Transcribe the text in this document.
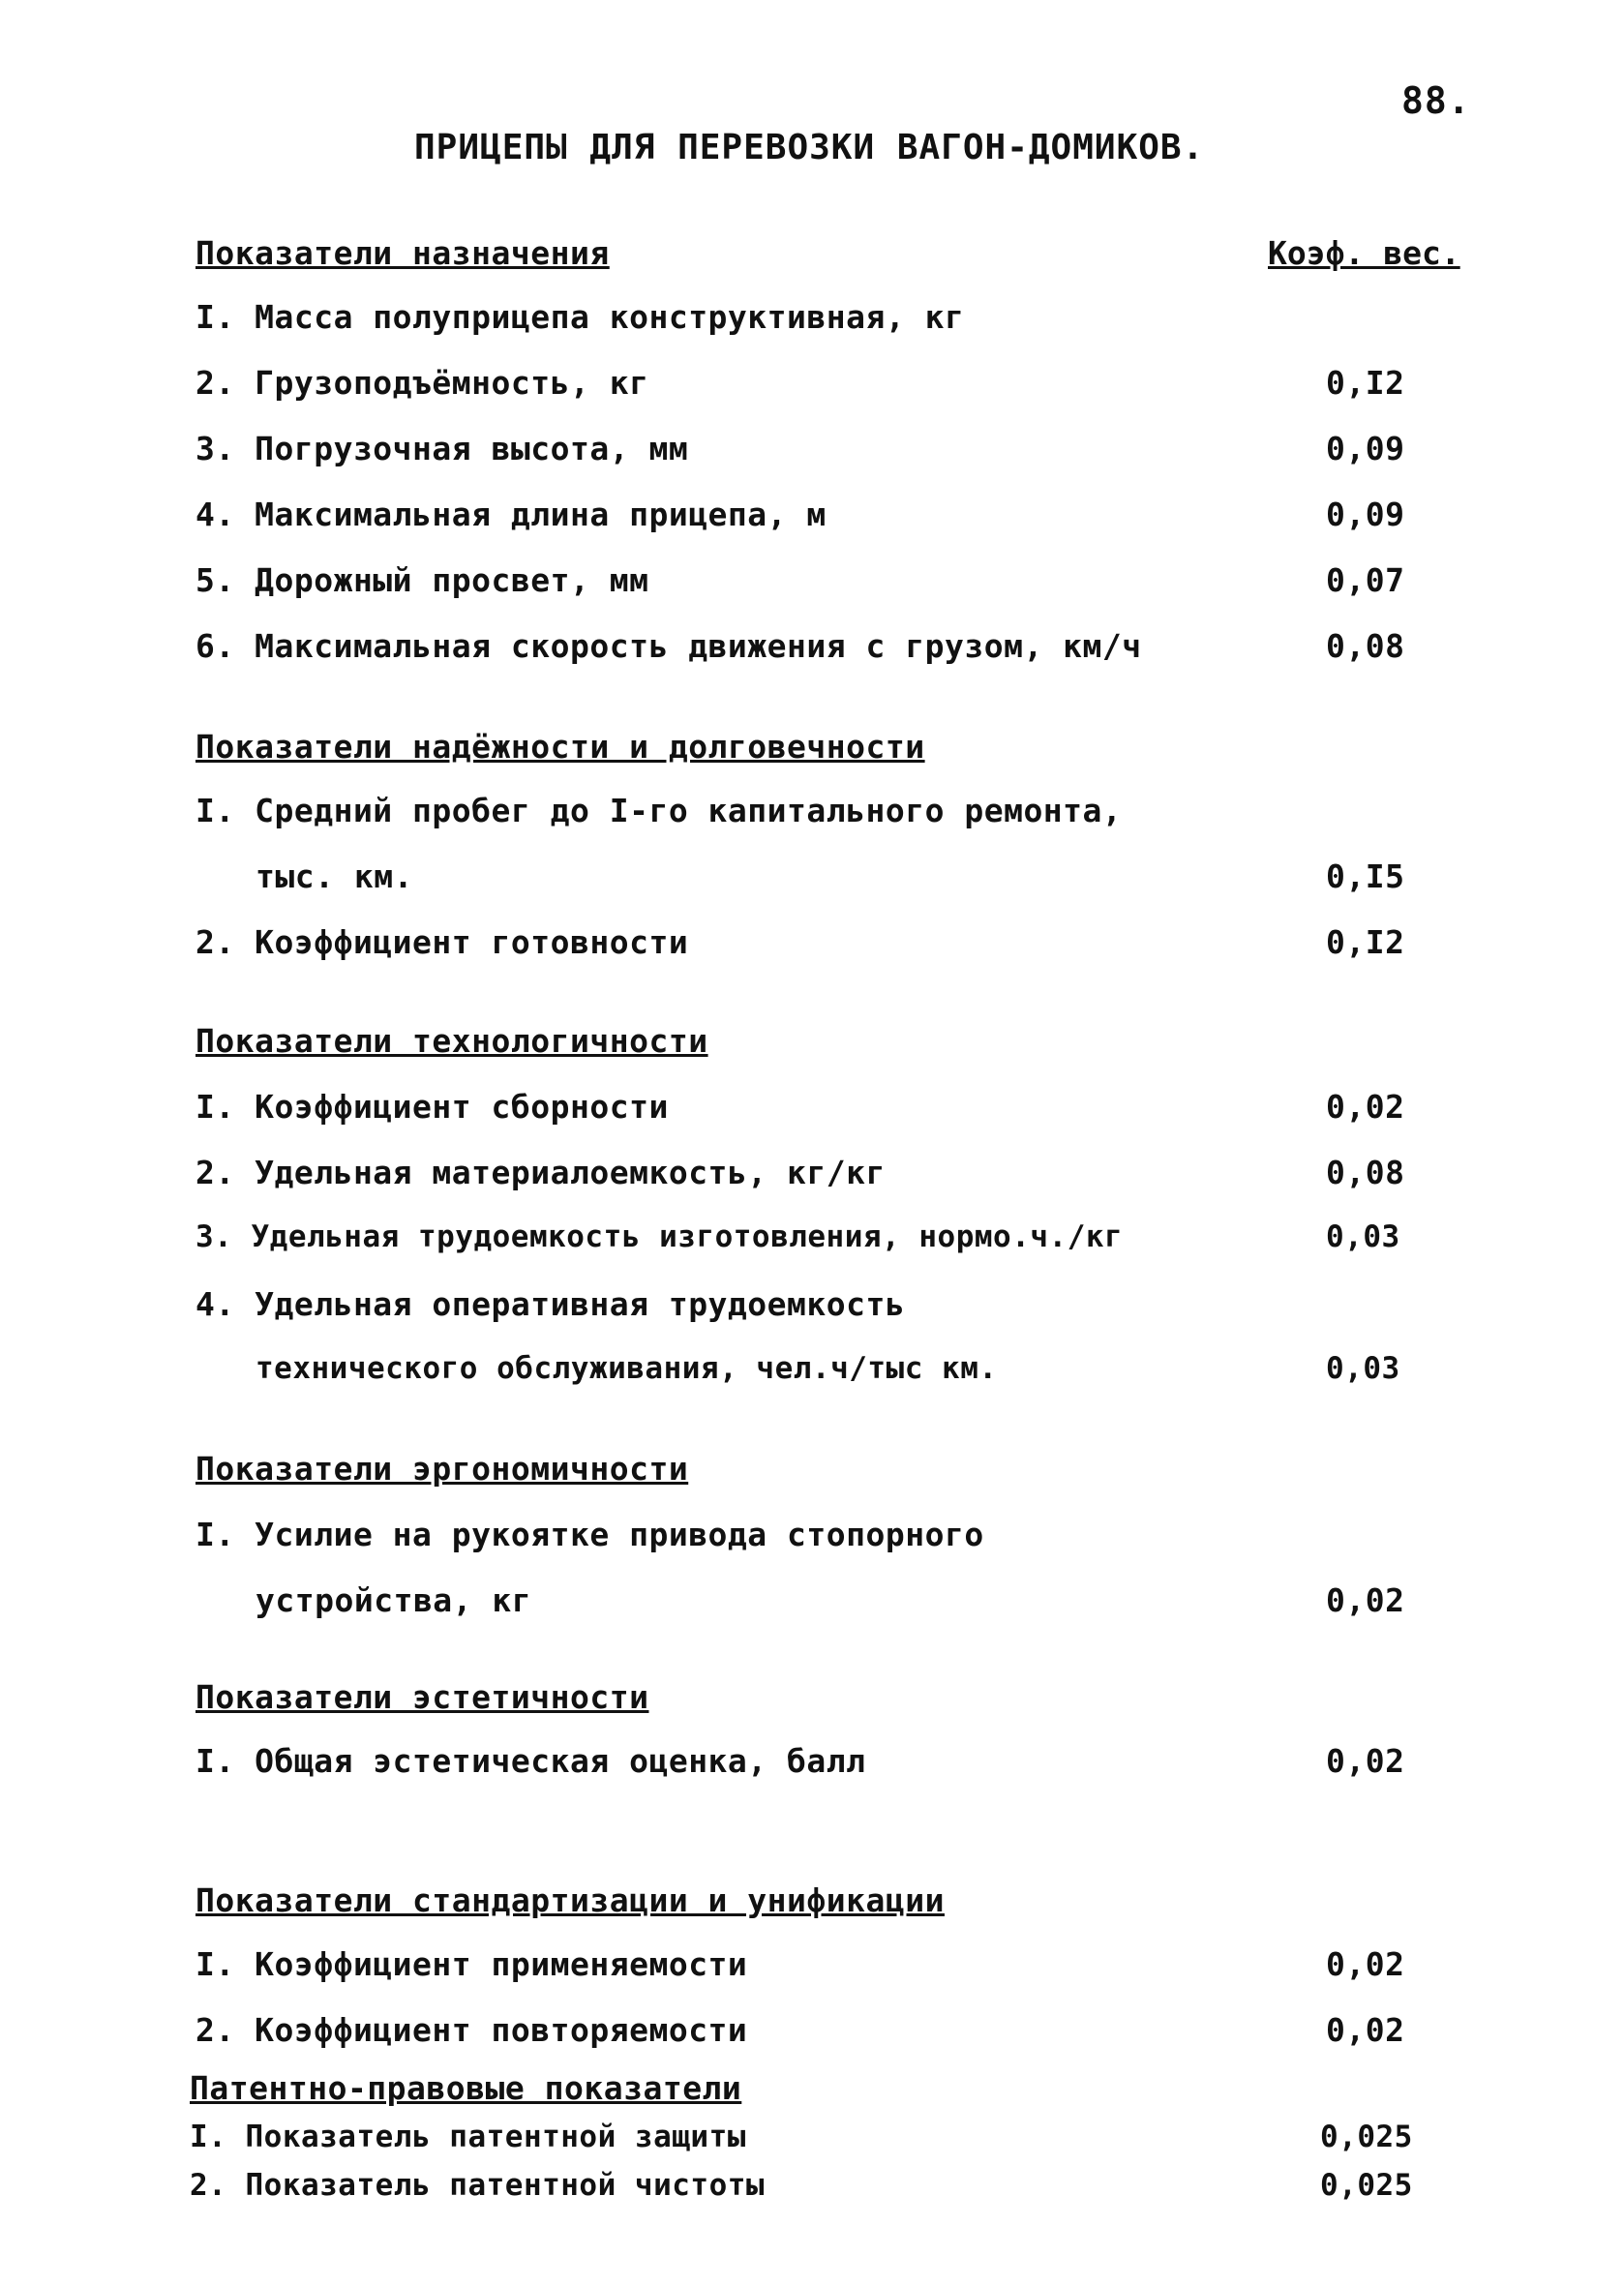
88.
ПРИЦЕПЫ ДЛЯ ПЕРЕВОЗКИ ВАГОН-ДОМИКОВ.
Коэф. вес.
Показатели назначения
I. Масса полуприцепа конструктивная, кг
2. Грузоподъёмность, кг	0,I2
3. Погрузочная высота, мм	0,09
4. Максимальная длина прицепа, м	0,09
5. Дорожный просвет, мм	0,07
6. Максимальная скорость движения с грузом, км/ч	0,08
Показатели надёжности и долговечности
I. Средний пробег до I-го капитального ремонта,
тыс. км.	0,I5
2. Коэффициент готовности	0,I2
Показатели технологичности
I. Коэффициент сборности	0,02
2. Удельная материалоемкость, кг/кг	0,08
3. Удельная трудоемкость изготовления, нормо.ч./кг	0,03
4. Удельная оперативная трудоемкость
технического обслуживания, чел.ч/тыс км.	0,03
Показатели эргономичности
I. Усилие на рукоятке привода стопорного
устройства, кг	0,02
Показатели эстетичности
I. Общая эстетическая оценка, балл	0,02
Показатели стандартизации и унификации
I. Коэффициент применяемости	0,02
2. Коэффициент повторяемости	0,02
Патентно-правовые показатели
I. Показатель патентной защиты	0,025
2. Показатель патентной чистоты	0,025
